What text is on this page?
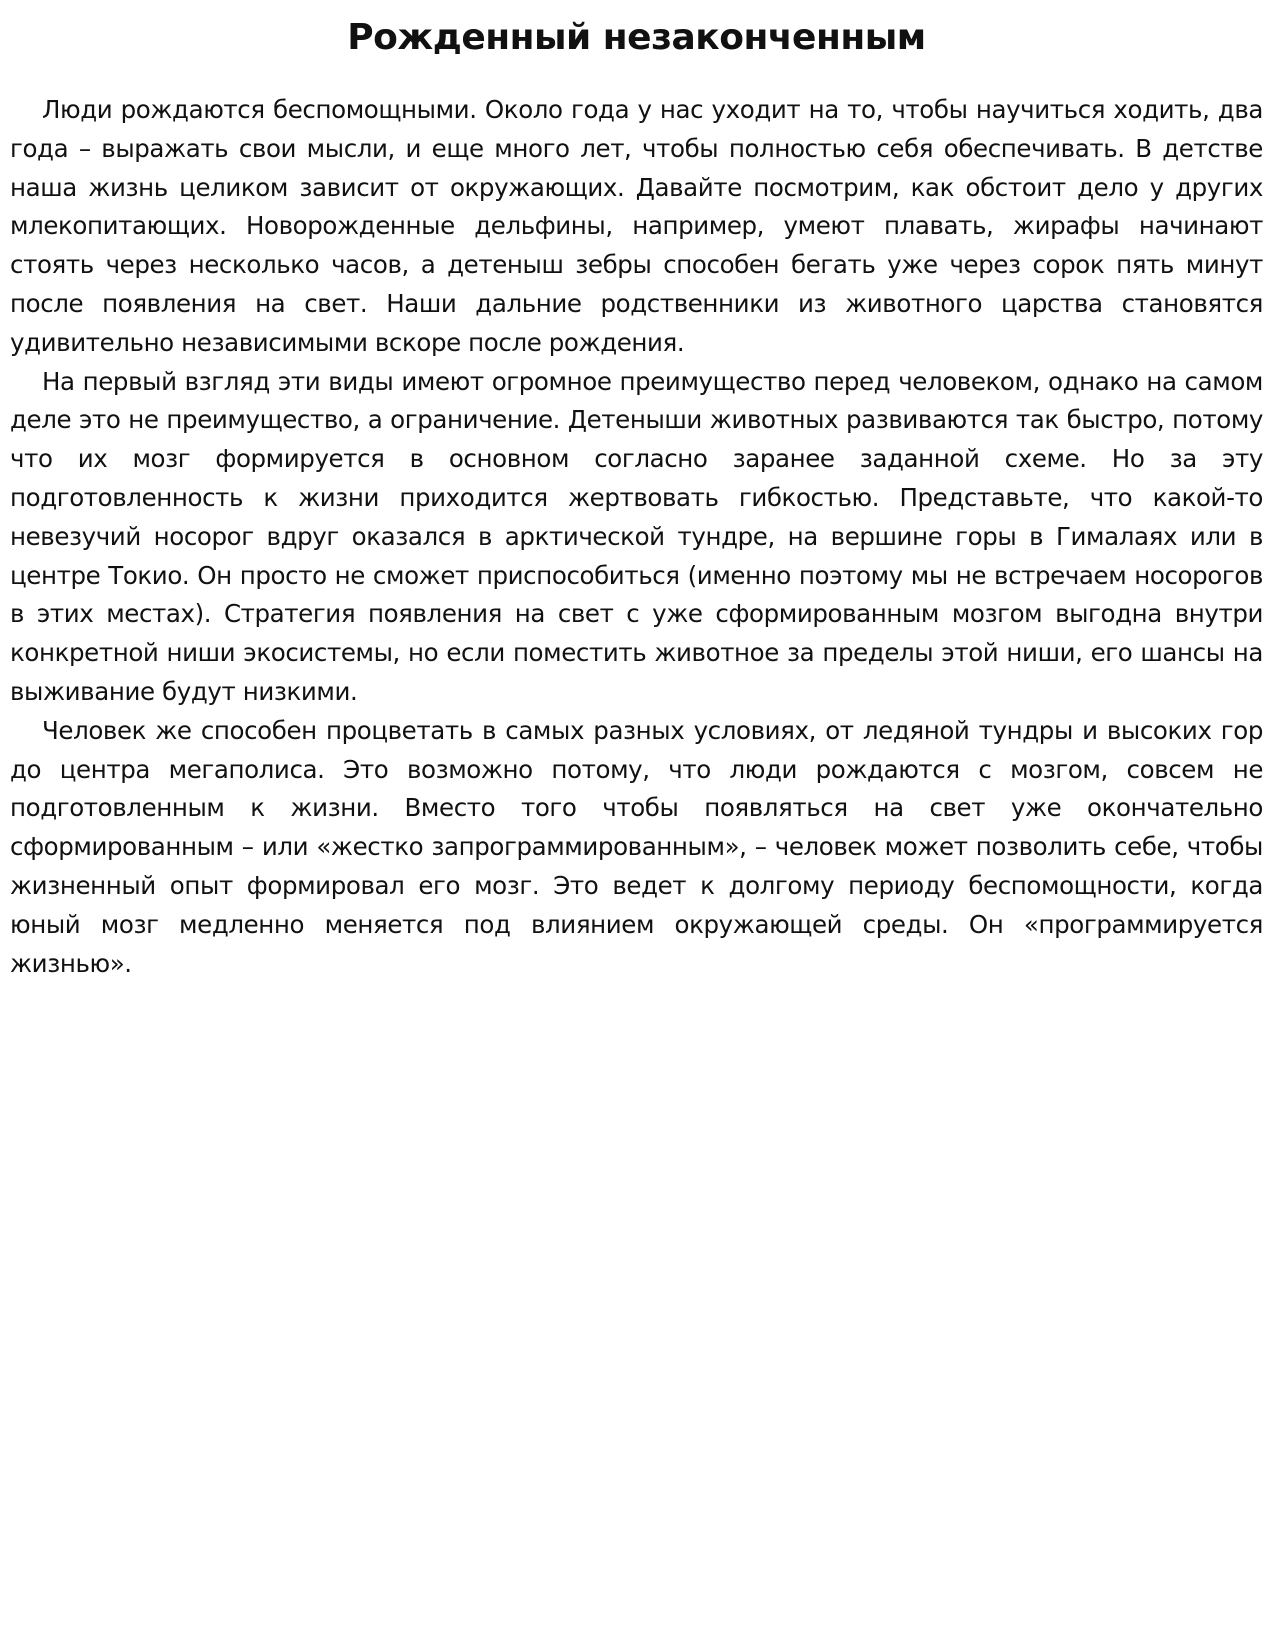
Рожденный незаконченным

Люди рождаются беспомощными. Около года у нас уходит на то, чтобы научиться ходить, два года – выражать свои мысли, и еще много лет, чтобы полностью себя обеспечивать. В детстве наша жизнь целиком зависит от окружающих. Давайте посмотрим, как обстоит дело у других млекопитающих. Новорожденные дельфины, например, умеют плавать, жирафы начинают стоять через несколько часов, а детеныш зебры способен бегать уже через сорок пять минут после появления на свет. Наши дальние родственники из животного царства становятся удивительно независимыми вскоре после рождения.

На первый взгляд эти виды имеют огромное преимущество перед человеком, однако на самом деле это не преимущество, а ограничение. Детеныши животных развиваются так быстро, потому что их мозг формируется в основном согласно заранее заданной схеме. Но за эту подготовленность к жизни приходится жертвовать гибкостью. Представьте, что какой-то невезучий носорог вдруг оказался в арктической тундре, на вершине горы в Гималаях или в центре Токио. Он просто не сможет приспособиться (именно поэтому мы не встречаем носорогов в этих местах). Стратегия появления на свет с уже сформированным мозгом выгодна внутри конкретной ниши экосистемы, но если поместить животное за пределы этой ниши, его шансы на выживание будут низкими.

Человек же способен процветать в самых разных условиях, от ледяной тундры и высоких гор до центра мегаполиса. Это возможно потому, что люди рождаются с мозгом, совсем не подготовленным к жизни. Вместо того чтобы появляться на свет уже окончательно сформированным – или «жестко запрограммированным», – человек может позволить себе, чтобы жизненный опыт формировал его мозг. Это ведет к долгому периоду беспомощности, когда юный мозг медленно меняется под влиянием окружающей среды. Он «программируется жизнью».
